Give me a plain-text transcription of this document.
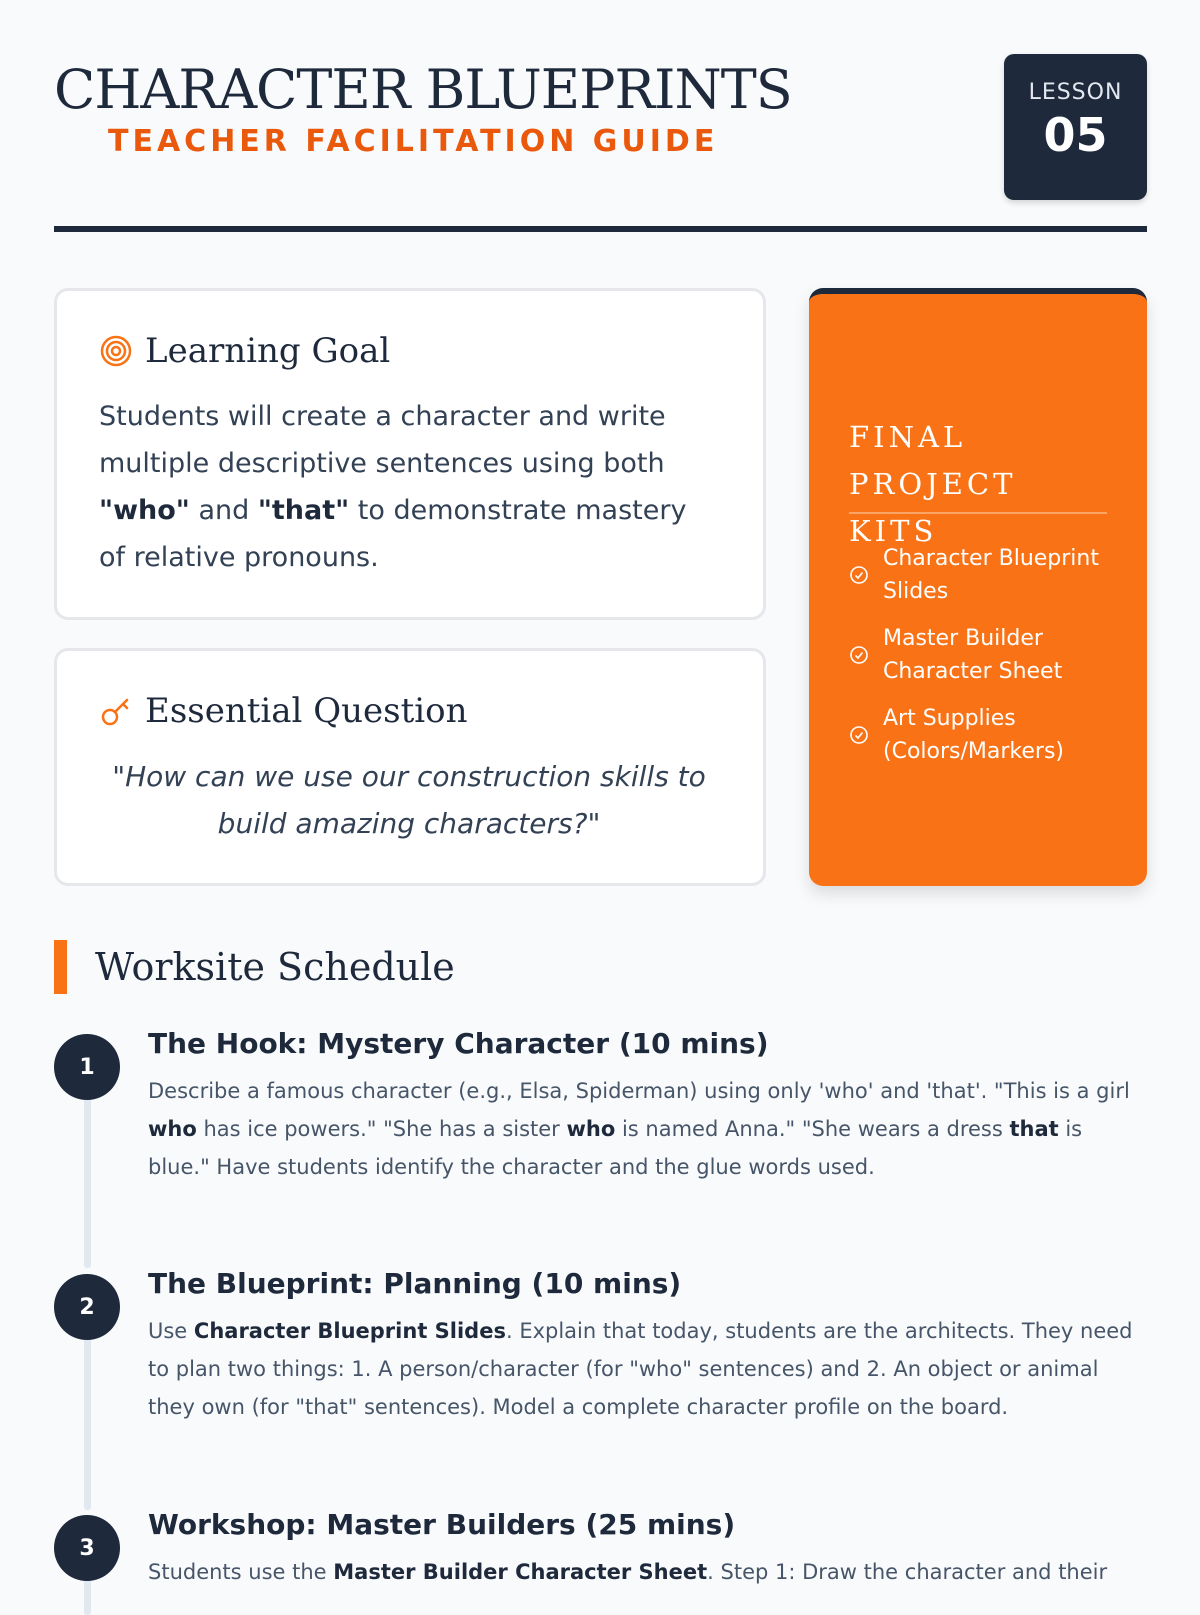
CHARACTER BLUEPRINTS
TEACHER FACILITATION GUIDE
LESSON
05
Learning Goal
Students will create a character and write multiple descriptive sentences using both "who" and "that" to demonstrate mastery of relative pronouns.
Essential Question
"How can we use our construction skills to build amazing characters?"
FINAL
PROJECT KITS
Character Blueprint Slides
Master Builder Character Sheet
Art Supplies (Colors/Markers)
Worksite Schedule
1
The Hook: Mystery Character (10 mins)
Describe a famous character (e.g., Elsa, Spiderman) using only 'who' and 'that'. "This is a girl who has ice powers." "She has a sister who is named Anna." "She wears a dress that is blue." Have students identify the character and the glue words used.
2
The Blueprint: Planning (10 mins)
Use Character Blueprint Slides. Explain that today, students are the architects. They need to plan two things: 1. A person/character (for "who" sentences) and 2. An object or animal they own (for "that" sentences). Model a complete character profile on the board.
3
Workshop: Master Builders (25 mins)
Students use the Master Builder Character Sheet. Step 1: Draw the character and their
